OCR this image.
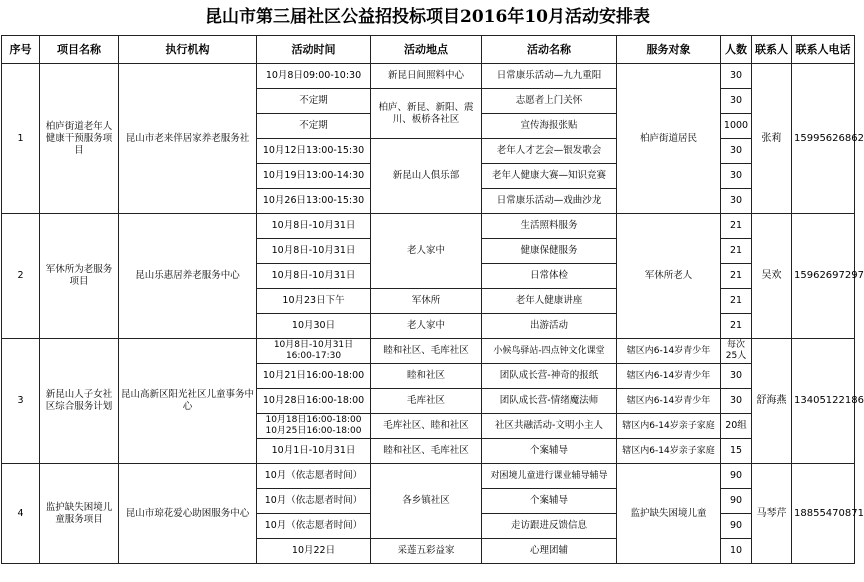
昆山市第三届社区公益招投标项目2016年10月活动安排表
序号	项目名称	执行机构	活动时间	活动地点	活动名称	服务对象	人数	联系人	联系人电话
1	柏庐街道老年人健康干预服务项目	昆山市老来伴居家养老服务社	10月8日09:00-10:30	新昆日间照料中心	日常康乐活动—九九重阳	柏庐街道居民	30	张莉	15995626862
			不定期	柏庐、新昆、新阳、震川、板桥各社区	志愿者上门关怀		30		
			不定期		宣传海报张贴		1000		
			10月12日13:00-15:30	新昆山人俱乐部	老年人才艺会—银发歌会		30		
			10月19日13:00-14:30		老年人健康大赛—知识竞赛		30		
			10月26日13:00-15:30		日常康乐活动—戏曲沙龙		30		
2	军休所为老服务项目	昆山乐惠居养老服务中心	10月8日-10月31日	老人家中	生活照料服务	军休所老人	21	吴欢	15962697297
			10月8日-10月31日		健康保健服务		21		
			10月8日-10月31日		日常体检		21		
			10月23日下午	军休所	老年人健康讲座		21		
			10月30日	老人家中	出游活动		21		
3	新昆山人子女社区综合服务计划	昆山高新区阳光社区儿童事务中心	10月8日-10月31日 16:00-17:30	睦和社区、毛库社区	小候鸟驿站-四点钟文化课堂	辖区内6-14岁青少年	每次25人	舒海燕	13405122186
			10月21日16:00-18:00	睦和社区	团队成长营-神奇的报纸	辖区内6-14岁青少年	30		
			10月28日16:00-18:00	毛库社区	团队成长营-情绪魔法师	辖区内6-14岁青少年	30		
			10月18日16:00-18:00 10月25日16:00-18:00	毛库社区、睦和社区	社区共融活动-文明小主人	辖区内6-14岁亲子家庭	20组		
			10月1日-10月31日	睦和社区、毛库社区	个案辅导	辖区内6-14岁亲子家庭	15		
4	监护缺失困境儿童服务项目	昆山市琼花爱心助困服务中心	10月（依志愿者时间）	各乡镇社区	对困境儿童进行课业辅导辅导	监护缺失困境儿童	90	马琴芹	18855470871
			10月（依志愿者时间）		个案辅导		90		
			10月（依志愿者时间）		走访跟进反馈信息		90		
			10月22日	采莲五彩益家	心理团辅		10		
